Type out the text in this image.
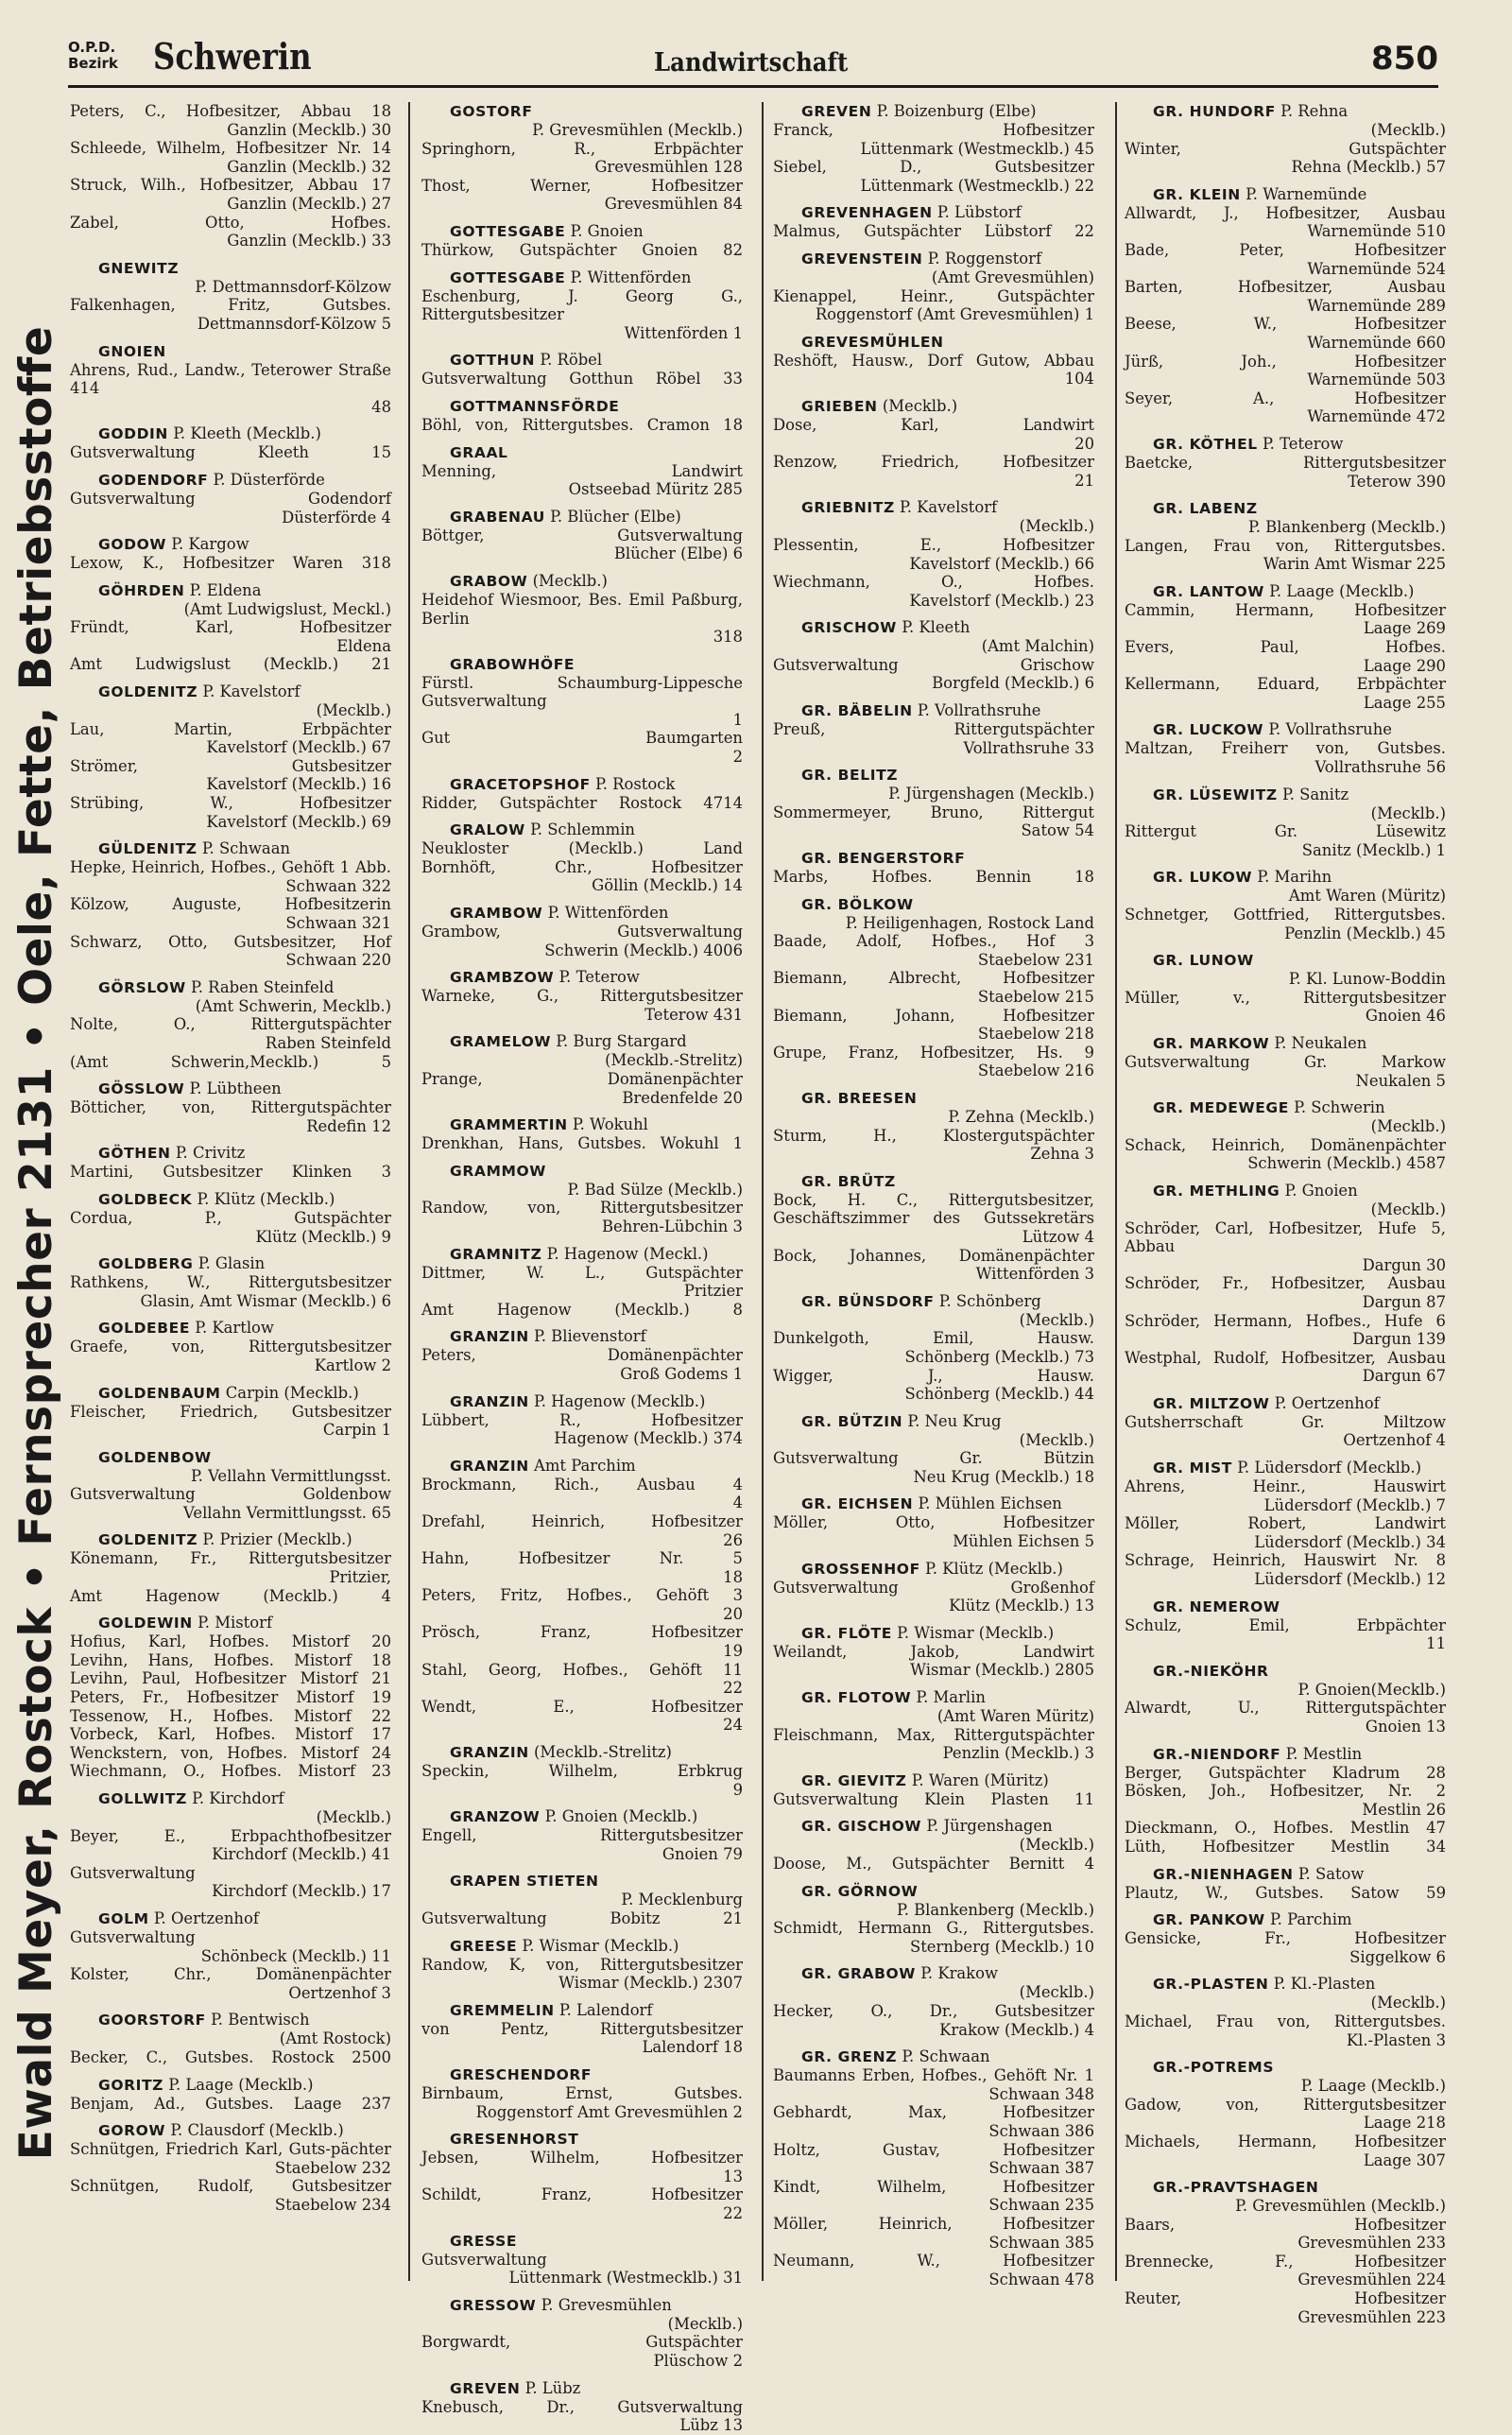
O.P.D.
Bezirk Schwerin	Landwirtschaft	850
Ewald Meyer, Rostock • Fernsprecher 2131 • Oele, Fette, Betriebsstoffe
Peters, C., Hofbesitzer, Abbau 18
Ganzlin (Mecklb.) 30
Schleede, Wilhelm, Hofbesitzer Nr. 14
Ganzlin (Mecklb.) 32
Struck, Wilh., Hofbesitzer, Abbau 17
Ganzlin (Mecklb.) 27
Zabel, Otto, Hofbes.
Ganzlin (Mecklb.) 33
GNEWITZ
P. Dettmannsdorf-Kölzow
Falkenhagen, Fritz, Gutsbes.
Dettmannsdorf-Kölzow 5
GNOIEN
Ahrens, Rud., Landw., Teterower Straße 414
48
GODDIN P. Kleeth (Mecklb.)
Gutsverwaltung Kleeth 15
GODENDORF P. Düsterförde
Gutsverwaltung Godendorf
Düsterförde 4
GODOW P. Kargow
Lexow, K., Hofbesitzer Waren 318
GÖHRDEN P. Eldena
(Amt Ludwigslust, Meckl.)
Fründt, Karl, Hofbesitzer
Eldena
Amt Ludwigslust (Mecklb.) 21
GOLDENITZ P. Kavelstorf
(Mecklb.)
Lau, Martin, Erbpächter
Kavelstorf (Mecklb.) 67
Strömer, Gutsbesitzer
Kavelstorf (Mecklb.) 16
Strübing, W., Hofbesitzer
Kavelstorf (Mecklb.) 69
GÜLDENITZ P. Schwaan
Hepke, Heinrich, Hofbes., Gehöft 1 Abb.
Schwaan 322
Kölzow, Auguste, Hofbesitzerin
Schwaan 321
Schwarz, Otto, Gutsbesitzer, Hof
Schwaan 220
GÖRSLOW P. Raben Steinfeld
(Amt Schwerin, Mecklb.)
Nolte, O., Rittergutspächter
Raben Steinfeld
(Amt Schwerin,Mecklb.) 5
GÖSSLOW P. Lübtheen
Bötticher, von, Rittergutspächter
Redefin 12
GÖTHEN P. Crivitz
Martini, Gutsbesitzer Klinken 3
GOLDBECK P. Klütz (Mecklb.)
Cordua, P., Gutspächter
Klütz (Mecklb.) 9
GOLDBERG P. Glasin
Rathkens, W., Rittergutsbesitzer
Glasin, Amt Wismar (Mecklb.) 6
GOLDEBEE P. Kartlow
Graefe, von, Rittergutsbesitzer
Kartlow 2
GOLDENBAUM Carpin (Mecklb.)
Fleischer, Friedrich, Gutsbesitzer
Carpin 1
GOLDENBOW
P. Vellahn Vermittlungsst.
Gutsverwaltung Goldenbow
Vellahn Vermittlungsst. 65
GOLDENITZ P. Prizier (Mecklb.)
Könemann, Fr., Rittergutsbesitzer
Pritzier,
Amt Hagenow (Mecklb.) 4
GOLDEWIN P. Mistorf
Hofius, Karl, Hofbes. Mistorf 20
Levihn, Hans, Hofbes. Mistorf 18
Levihn, Paul, Hofbesitzer Mistorf 21
Peters, Fr., Hofbesitzer Mistorf 19
Tessenow, H., Hofbes. Mistorf 22
Vorbeck, Karl, Hofbes. Mistorf 17
Wenckstern, von, Hofbes. Mistorf 24
Wiechmann, O., Hofbes. Mistorf 23
GOLLWITZ P. Kirchdorf
(Mecklb.)
Beyer, E., Erbpachthofbesitzer
Kirchdorf (Mecklb.) 41
Gutsverwaltung
Kirchdorf (Mecklb.) 17
GOLM P. Oertzenhof
Gutsverwaltung
Schönbeck (Mecklb.) 11
Kolster, Chr., Domänenpächter
Oertzenhof 3
GOORSTORF P. Bentwisch
(Amt Rostock)
Becker, C., Gutsbes. Rostock 2500
GORITZ P. Laage (Mecklb.)
Benjam, Ad., Gutsbes. Laage 237
GOROW P. Clausdorf (Mecklb.)
Schnütgen, Friedrich Karl, Guts-pächter
Staebelow 232
Schnütgen, Rudolf, Gutsbesitzer
Staebelow 234
GOSTORF
P. Grevesmühlen (Mecklb.)
Springhorn, R., Erbpächter
Grevesmühlen 128
Thost, Werner, Hofbesitzer
Grevesmühlen 84
GOTTESGABE P. Gnoien
Thürkow, Gutspächter Gnoien 82
GOTTESGABE P. Wittenförden
Eschenburg, J. Georg G., Rittergutsbesitzer
Wittenförden 1
GOTTHUN P. Röbel
Gutsverwaltung Gotthun Röbel 33
GOTTMANNSFÖRDE
Böhl, von, Rittergutsbes. Cramon 18
GRAAL
Menning, Landwirt
Ostseebad Müritz 285
GRABENAU P. Blücher (Elbe)
Böttger, Gutsverwaltung
Blücher (Elbe) 6
GRABOW (Mecklb.)
Heidehof Wiesmoor, Bes. Emil Paßburg, Berlin
318
GRABOWHÖFE
Fürstl. Schaumburg-Lippesche Gutsverwaltung
1
Gut Baumgarten
2
GRACETOPSHOF P. Rostock
Ridder, Gutspächter Rostock 4714
GRALOW P. Schlemmin
Neukloster (Mecklb.) Land
Bornhöft, Chr., Hofbesitzer
Göllin (Mecklb.) 14
GRAMBOW P. Wittenförden
Grambow, Gutsverwaltung
Schwerin (Mecklb.) 4006
GRAMBZOW P. Teterow
Warneke, G., Rittergutsbesitzer
Teterow 431
GRAMELOW P. Burg Stargard
(Mecklb.-Strelitz)
Prange, Domänenpächter
Bredenfelde 20
GRAMMERTIN P. Wokuhl
Drenkhan, Hans, Gutsbes. Wokuhl 1
GRAMMOW
P. Bad Sülze (Mecklb.)
Randow, von, Rittergutsbesitzer
Behren-Lübchin 3
GRAMNITZ P. Hagenow (Meckl.)
Dittmer, W. L., Gutspächter
Pritzier
Amt Hagenow (Mecklb.) 8
GRANZIN P. Blievenstorf
Peters, Domänenpächter
Groß Godems 1
GRANZIN P. Hagenow (Mecklb.)
Lübbert, R., Hofbesitzer
Hagenow (Mecklb.) 374
GRANZIN Amt Parchim
Brockmann, Rich., Ausbau 4
4
Drefahl, Heinrich, Hofbesitzer
26
Hahn, Hofbesitzer Nr. 5
18
Peters, Fritz, Hofbes., Gehöft 3
20
Prösch, Franz, Hofbesitzer
19
Stahl, Georg, Hofbes., Gehöft 11
22
Wendt, E., Hofbesitzer
24
GRANZIN (Mecklb.-Strelitz)
Speckin, Wilhelm, Erbkrug
9
GRANZOW P. Gnoien (Mecklb.)
Engell, Rittergutsbesitzer
Gnoien 79
GRAPEN STIETEN
P. Mecklenburg
Gutsverwaltung Bobitz 21
GREESE P. Wismar (Mecklb.)
Randow, K, von, Rittergutsbesitzer
Wismar (Mecklb.) 2307
GREMMELIN P. Lalendorf
von Pentz, Rittergutsbesitzer
Lalendorf 18
GRESCHENDORF
Birnbaum, Ernst, Gutsbes.
Roggenstorf Amt Grevesmühlen 2
GRESENHORST
Jebsen, Wilhelm, Hofbesitzer
13
Schildt, Franz, Hofbesitzer
22
GRESSE
Gutsverwaltung
Lüttenmark (Westmecklb.) 31
GRESSOW P. Grevesmühlen
(Mecklb.)
Borgwardt, Gutspächter
Plüschow 2
GREVEN P. Lübz
Knebusch, Dr., Gutsverwaltung
Lübz 13
GREVEN P. Boizenburg (Elbe)
Franck, Hofbesitzer
Lüttenmark (Westmecklb.) 45
Siebel, D., Gutsbesitzer
Lüttenmark (Westmecklb.) 22
GREVENHAGEN P. Lübstorf
Malmus, Gutspächter Lübstorf 22
GREVENSTEIN P. Roggenstorf
(Amt Grevesmühlen)
Kienappel, Heinr., Gutspächter
Roggenstorf (Amt Grevesmühlen) 1
GREVESMÜHLEN
Reshöft, Hausw., Dorf Gutow, Abbau
104
GRIEBEN (Mecklb.)
Dose, Karl, Landwirt
20
Renzow, Friedrich, Hofbesitzer
21
GRIEBNITZ P. Kavelstorf
(Mecklb.)
Plessentin, E., Hofbesitzer
Kavelstorf (Mecklb.) 66
Wiechmann, O., Hofbes.
Kavelstorf (Mecklb.) 23
GRISCHOW P. Kleeth
(Amt Malchin)
Gutsverwaltung Grischow
Borgfeld (Mecklb.) 6
GR. BÄBELIN P. Vollrathsruhe
Preuß, Rittergutspächter
Vollrathsruhe 33
GR. BELITZ
P. Jürgenshagen (Mecklb.)
Sommermeyer, Bruno, Rittergut
Satow 54
GR. BENGERSTORF
Marbs, Hofbes. Bennin 18
GR. BÖLKOW
P. Heiligenhagen, Rostock Land
Baade, Adolf, Hofbes., Hof 3
Staebelow 231
Biemann, Albrecht, Hofbesitzer
Staebelow 215
Biemann, Johann, Hofbesitzer
Staebelow 218
Grupe, Franz, Hofbesitzer, Hs. 9
Staebelow 216
GR. BREESEN
P. Zehna (Mecklb.)
Sturm, H., Klostergutspächter
Zehna 3
GR. BRÜTZ
Bock, H. C., Rittergutsbesitzer, Geschäftszimmer des Gutssekretärs
Lützow 4
Bock, Johannes, Domänenpächter
Wittenförden 3
GR. BÜNSDORF P. Schönberg
(Mecklb.)
Dunkelgoth, Emil, Hausw.
Schönberg (Mecklb.) 73
Wigger, J., Hausw.
Schönberg (Mecklb.) 44
GR. BÜTZIN P. Neu Krug
(Mecklb.)
Gutsverwaltung Gr. Bützin
Neu Krug (Mecklb.) 18
GR. EICHSEN P. Mühlen Eichsen
Möller, Otto, Hofbesitzer
Mühlen Eichsen 5
GROSSENHOF P. Klütz (Mecklb.)
Gutsverwaltung Großenhof
Klütz (Mecklb.) 13
GR. FLÖTE P. Wismar (Mecklb.)
Weilandt, Jakob, Landwirt
Wismar (Mecklb.) 2805
GR. FLOTOW P. Marlin
(Amt Waren Müritz)
Fleischmann, Max, Rittergutspächter
Penzlin (Mecklb.) 3
GR. GIEVITZ P. Waren (Müritz)
Gutsverwaltung Klein Plasten 11
GR. GISCHOW P. Jürgenshagen
(Mecklb.)
Doose, M., Gutspächter Bernitt 4
GR. GÖRNOW
P. Blankenberg (Mecklb.)
Schmidt, Hermann G., Rittergutsbes.
Sternberg (Mecklb.) 10
GR. GRABOW P. Krakow
(Mecklb.)
Hecker, O., Dr., Gutsbesitzer
Krakow (Mecklb.) 4
GR. GRENZ P. Schwaan
Baumanns Erben, Hofbes., Gehöft Nr. 1
Schwaan 348
Gebhardt, Max, Hofbesitzer
Schwaan 386
Holtz, Gustav, Hofbesitzer
Schwaan 387
Kindt, Wilhelm, Hofbesitzer
Schwaan 235
Möller, Heinrich, Hofbesitzer
Schwaan 385
Neumann, W., Hofbesitzer
Schwaan 478
GR. HUNDORF P. Rehna
(Mecklb.)
Winter, Gutspächter
Rehna (Mecklb.) 57
GR. KLEIN P. Warnemünde
Allwardt, J., Hofbesitzer, Ausbau
Warnemünde 510
Bade, Peter, Hofbesitzer
Warnemünde 524
Barten, Hofbesitzer, Ausbau
Warnemünde 289
Beese, W., Hofbesitzer
Warnemünde 660
Jürß, Joh., Hofbesitzer
Warnemünde 503
Seyer, A., Hofbesitzer
Warnemünde 472
GR. KÖTHEL P. Teterow
Baetcke, Rittergutsbesitzer
Teterow 390
GR. LABENZ
P. Blankenberg (Mecklb.)
Langen, Frau von, Rittergutsbes.
Warin Amt Wismar 225
GR. LANTOW P. Laage (Mecklb.)
Cammin, Hermann, Hofbesitzer
Laage 269
Evers, Paul, Hofbes.
Laage 290
Kellermann, Eduard, Erbpächter
Laage 255
GR. LUCKOW P. Vollrathsruhe
Maltzan, Freiherr von, Gutsbes.
Vollrathsruhe 56
GR. LÜSEWITZ P. Sanitz
(Mecklb.)
Rittergut Gr. Lüsewitz
Sanitz (Mecklb.) 1
GR. LUKOW P. Marihn
Amt Waren (Müritz)
Schnetger, Gottfried, Rittergutsbes.
Penzlin (Mecklb.) 45
GR. LUNOW
P. Kl. Lunow-Boddin
Müller, v., Rittergutsbesitzer
Gnoien 46
GR. MARKOW P. Neukalen
Gutsverwaltung Gr. Markow
Neukalen 5
GR. MEDEWEGE P. Schwerin
(Mecklb.)
Schack, Heinrich, Domänenpächter
Schwerin (Mecklb.) 4587
GR. METHLING P. Gnoien
(Mecklb.)
Schröder, Carl, Hofbesitzer, Hufe 5, Abbau
Dargun 30
Schröder, Fr., Hofbesitzer, Ausbau
Dargun 87
Schröder, Hermann, Hofbes., Hufe 6
Dargun 139
Westphal, Rudolf, Hofbesitzer, Ausbau
Dargun 67
GR. MILTZOW P. Oertzenhof
Gutsherrschaft Gr. Miltzow
Oertzenhof 4
GR. MIST P. Lüdersdorf (Mecklb.)
Ahrens, Heinr., Hauswirt
Lüdersdorf (Mecklb.) 7
Möller, Robert, Landwirt
Lüdersdorf (Mecklb.) 34
Schrage, Heinrich, Hauswirt Nr. 8
Lüdersdorf (Mecklb.) 12
GR. NEMEROW
Schulz, Emil, Erbpächter
11
GR.-NIEKÖHR
P. Gnoien(Mecklb.)
Alwardt, U., Rittergutspächter
Gnoien 13
GR.-NIENDORF P. Mestlin
Berger, Gutspächter Kladrum 28
Bösken, Joh., Hofbesitzer, Nr. 2
Mestlin 26
Dieckmann, O., Hofbes. Mestlin 47
Lüth, Hofbesitzer Mestlin 34
GR.-NIENHAGEN P. Satow
Plautz, W., Gutsbes. Satow 59
GR. PANKOW P. Parchim
Gensicke, Fr., Hofbesitzer
Siggelkow 6
GR.-PLASTEN P. Kl.-Plasten
(Mecklb.)
Michael, Frau von, Rittergutsbes.
Kl.-Plasten 3
GR.-POTREMS
P. Laage (Mecklb.)
Gadow, von, Rittergutsbesitzer
Laage 218
Michaels, Hermann, Hofbesitzer
Laage 307
GR.-PRAVTSHAGEN
P. Grevesmühlen (Mecklb.)
Baars, Hofbesitzer
Grevesmühlen 233
Brennecke, F., Hofbesitzer
Grevesmühlen 224
Reuter, Hofbesitzer
Grevesmühlen 223
